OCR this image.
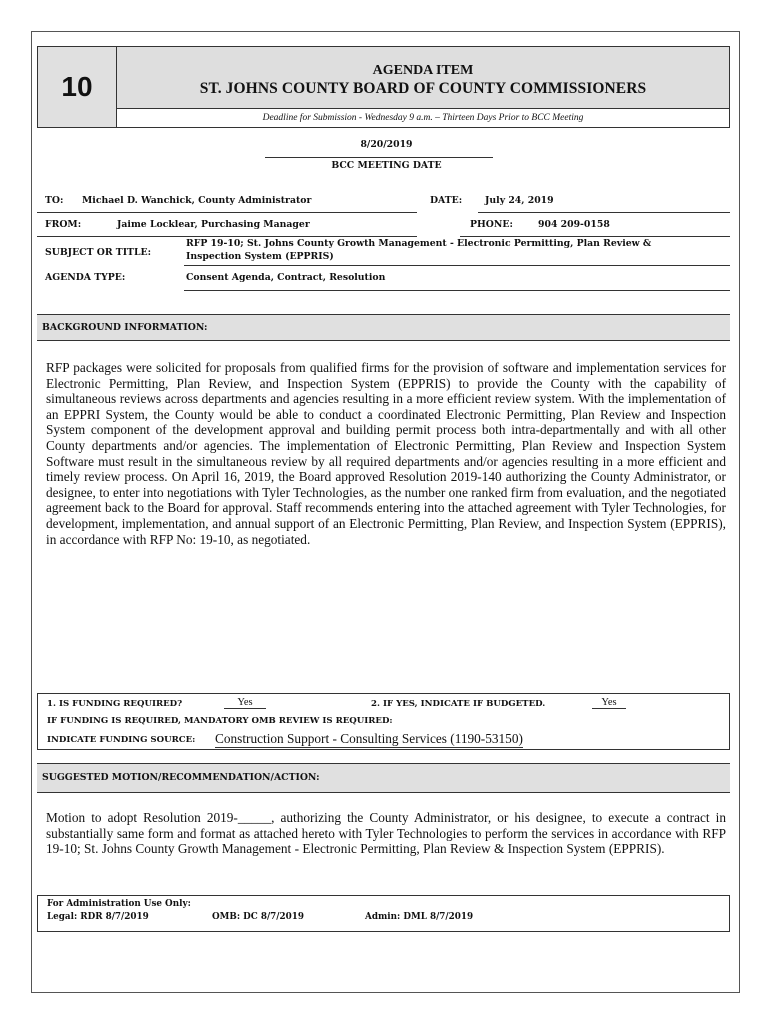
10
AGENDA ITEM
ST. JOHNS COUNTY BOARD OF COUNTY COMMISSIONERS
Deadline for Submission - Wednesday 9 a.m. – Thirteen Days Prior to BCC Meeting
8/20/2019
BCC MEETING DATE
TO: Michael D. Wanchick, County Administrator	DATE: July 24, 2019
FROM:	Jaime Locklear, Purchasing Manager	PHONE:	904 209-0158
SUBJECT OR TITLE:
RFP 19-10; St. Johns County Growth Management - Electronic Permitting, Plan Review &
Inspection System (EPPRIS)
AGENDA TYPE:	Consent Agenda, Contract, Resolution
BACKGROUND INFORMATION:
RFP packages were solicited for proposals from qualified firms for the provision of software and implementation services for Electronic Permitting, Plan Review, and Inspection System (EPPRIS) to provide the County with the capability of simultaneous reviews across departments and agencies resulting in a more efficient review system. With the implementation of an EPPRI System, the County would be able to conduct a coordinated Electronic Permitting, Plan Review and Inspection System component of the development approval and building permit process both intra-departmentally and with all other County departments and/or agencies. The implementation of Electronic Permitting, Plan Review and Inspection System Software must result in the simultaneous review by all required departments and/or agencies resulting in a more efficient and timely review process. On April 16, 2019, the Board approved Resolution 2019-140 authorizing the County Administrator, or designee, to enter into negotiations with Tyler Technologies, as the number one ranked firm from evaluation, and the negotiated agreement back to the Board for approval. Staff recommends entering into the attached agreement with Tyler Technologies, for development, implementation, and annual support of an Electronic Permitting, Plan Review, and Inspection System (EPPRIS), in accordance with RFP No: 19-10, as negotiated.
1. IS FUNDING REQUIRED?	Yes	2. IF YES, INDICATE IF BUDGETED.	Yes
IF FUNDING IS REQUIRED, MANDATORY OMB REVIEW IS REQUIRED:
INDICATE FUNDING SOURCE: Construction Support - Consulting Services (1190-53150)
SUGGESTED MOTION/RECOMMENDATION/ACTION:
Motion to adopt Resolution 2019-_____, authorizing the County Administrator, or his designee, to execute a contract in substantially same form and format as attached hereto with Tyler Technologies to perform the services in accordance with RFP 19-10; St. Johns County Growth Management - Electronic Permitting, Plan Review & Inspection System (EPPRIS).
For Administration Use Only:
Legal: RDR 8/7/2019	OMB: DC 8/7/2019	Admin: DML 8/7/2019
